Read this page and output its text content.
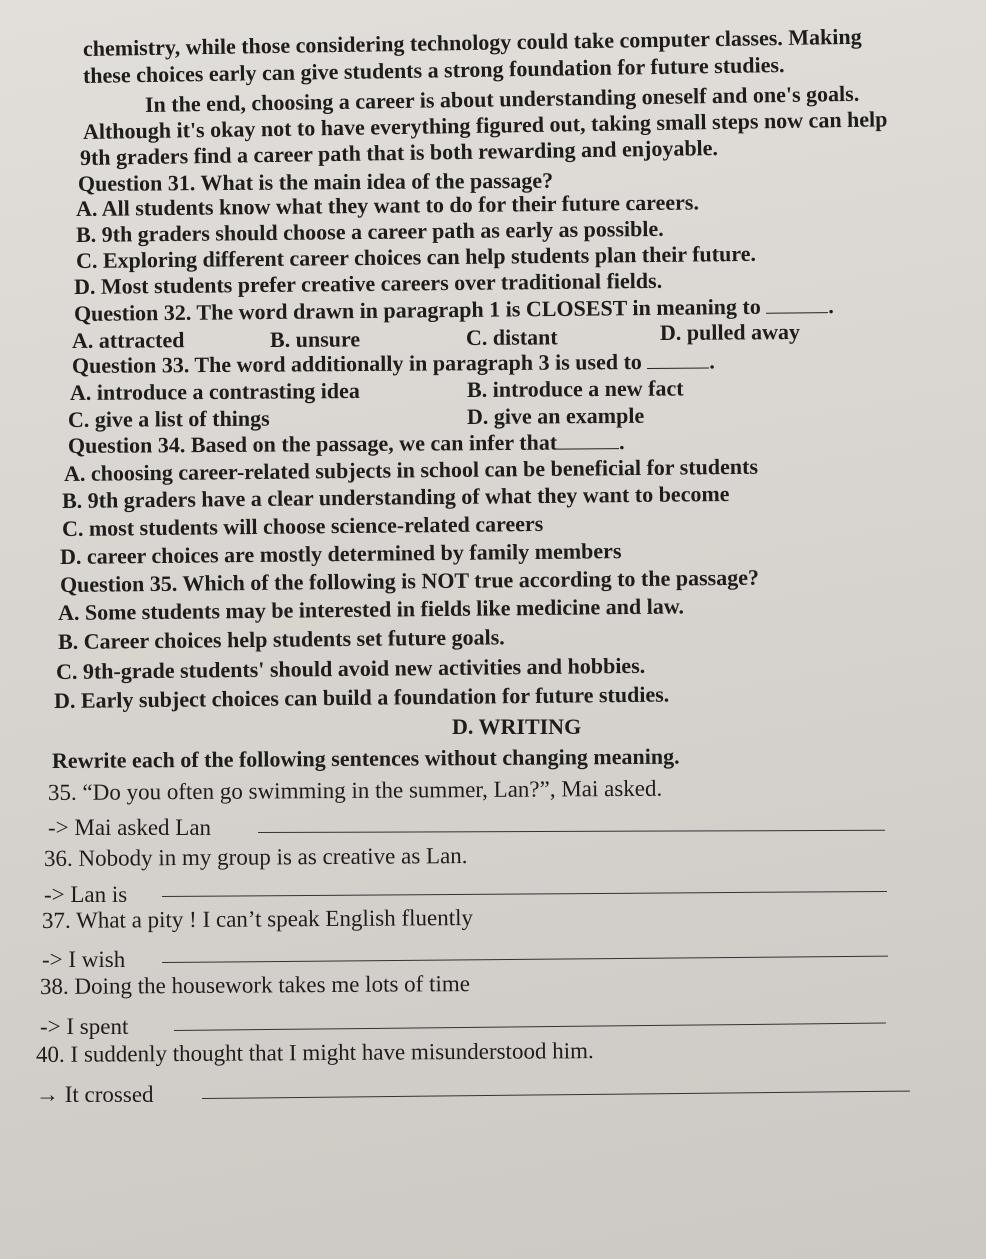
chemistry, while those considering technology could take computer classes. Making
these choices early can give students a strong foundation for future studies.
In the end, choosing a career is about understanding oneself and one's goals.
Although it's okay not to have everything figured out, taking small steps now can help
9th graders find a career path that is both rewarding and enjoyable.
Question 31. What is the main idea of the passage?
A. All students know what they want to do for their future careers.
B. 9th graders should choose a career path as early as possible.
C. Exploring different career choices can help students plan their future.
D. Most students prefer creative careers over traditional fields.
Question 32. The word drawn in paragraph 1 is CLOSEST in meaning to	.
A. attracted	B. unsure	C. distant	D. pulled away
Question 33. The word additionally in paragraph 3 is used to	.
A. introduce a contrasting idea	B. introduce a new fact
C. give a list of things	D. give an example
Question 34. Based on the passage, we can infer that	.
A. choosing career-related subjects in school can be beneficial for students
B. 9th graders have a clear understanding of what they want to become
C. most students will choose science-related careers
D. career choices are mostly determined by family members
Question 35. Which of the following is NOT true according to the passage?
A. Some students may be interested in fields like medicine and law.
B. Career choices help students set future goals.
C. 9th-grade students' should avoid new activities and hobbies.
D. Early subject choices can build a foundation for future studies.
D. WRITING
Rewrite each of the following sentences without changing meaning.
35. “Do you often go swimming in the summer, Lan?”, Mai asked.
-> Mai asked Lan
36. Nobody in my group is as creative as Lan.
-> Lan is
37. What a pity ! I can’t speak English fluently
-> I wish
38. Doing the housework takes me lots of time
-> I spent
40. I suddenly thought that I might have misunderstood him.
→ It crossed
